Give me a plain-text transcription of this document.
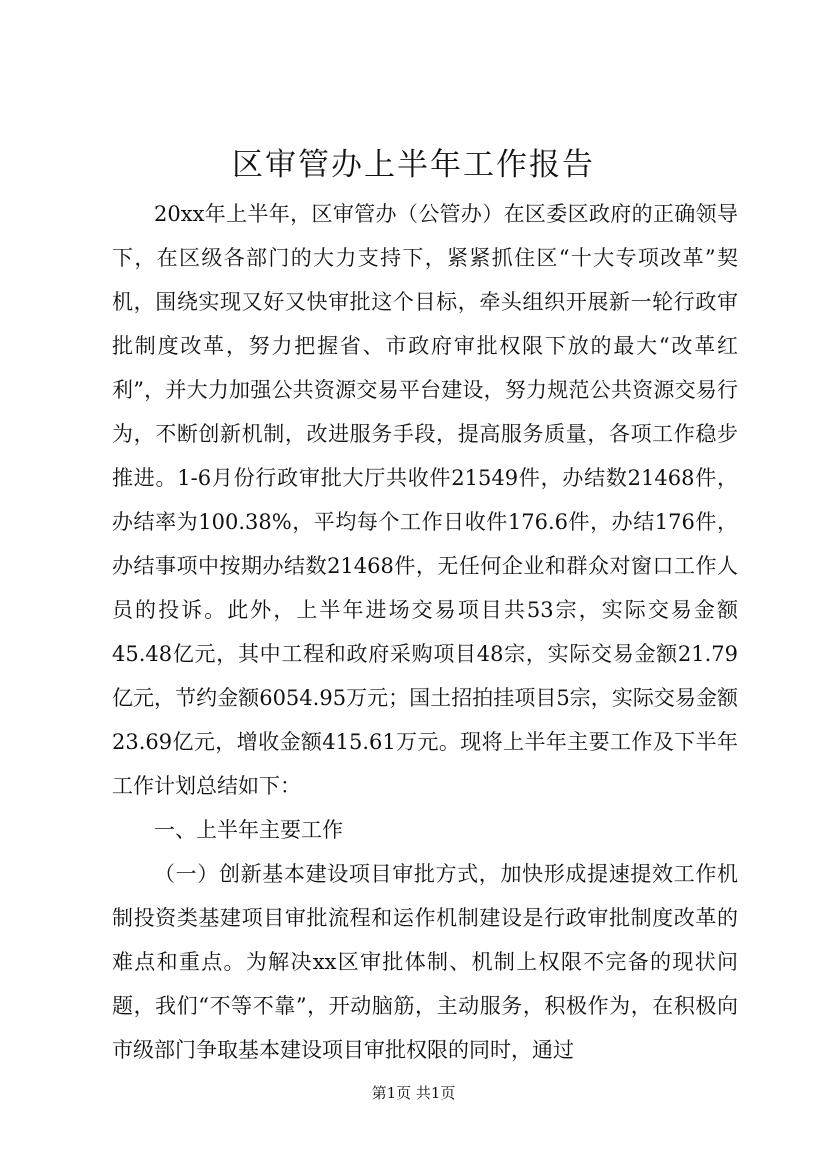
区审管办上半年工作报告

20xx年上半年，区审管办（公管办）在区委区政府的正确领导下，在区级各部门的大力支持下，紧紧抓住区“十大专项改革”契机，围绕实现又好又快审批这个目标，牵头组织开展新一轮行政审批制度改革，努力把握省、市政府审批权限下放的最大“改革红利”，并大力加强公共资源交易平台建设，努力规范公共资源交易行为，不断创新机制，改进服务手段，提高服务质量，各项工作稳步推进。1-6月份行政审批大厅共收件21549件，办结数21468件，办结率为100.38%，平均每个工作日收件176.6件，办结176件，办结事项中按期办结数21468件，无任何企业和群众对窗口工作人员的投诉。此外，上半年进场交易项目共53宗，实际交易金额45.48亿元，其中工程和政府采购项目48宗，实际交易金额21.79亿元，节约金额6054.95万元；国土招拍挂项目5宗，实际交易金额23.69亿元，增收金额415.61万元。现将上半年主要工作及下半年工作计划总结如下：

一、上半年主要工作

（一）创新基本建设项目审批方式，加快形成提速提效工作机制投资类基建项目审批流程和运作机制建设是行政审批制度改革的难点和重点。为解决xx区审批体制、机制上权限不完备的现状问题，我们“不等不靠”，开动脑筋，主动服务，积极作为，在积极向市级部门争取基本建设项目审批权限的同时，通过

第1页 共1页
